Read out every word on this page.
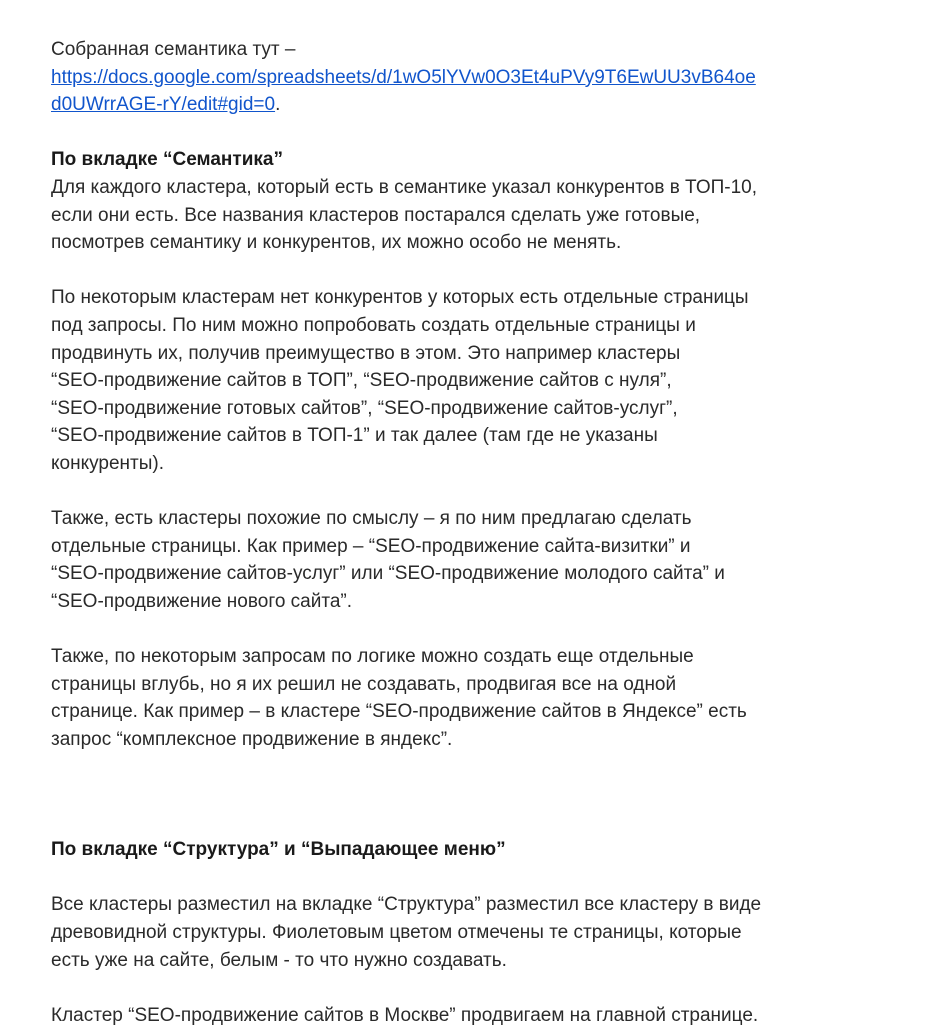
Собранная семантика тут –
https://docs.google.com/spreadsheets/d/1wO5lYVw0O3Et4uPVy9T6EwUU3vB64oe
d0UWrrAGE-rY/edit#gid=0.

По вкладке “Семантика”

Для каждого кластера, который есть в семантике указал конкурентов в ТОП-10,
если они есть. Все названия кластеров постарался сделать уже готовые,
посмотрев семантику и конкурентов, их можно особо не менять.

По некоторым кластерам нет конкурентов у которых есть отдельные страницы
под запросы. По ним можно попробовать создать отдельные страницы и
продвинуть их, получив преимущество в этом. Это например кластеры
“SEO-продвижение сайтов в ТОП”, “SEO-продвижение сайтов с нуля”,
“SEO-продвижение готовых сайтов”, “SEO-продвижение сайтов-услуг”,
“SEO-продвижение сайтов в ТОП-1” и так далее (там где не указаны
конкуренты).

Также, есть кластеры похожие по смыслу – я по ним предлагаю сделать
отдельные страницы. Как пример – “SEO-продвижение сайта-визитки” и
“SEO-продвижение сайтов-услуг” или “SEO-продвижение молодого сайта” и
“SEO-продвижение нового сайта”.

Также, по некоторым запросам по логике можно создать еще отдельные
страницы вглубь, но я их решил не создавать, продвигая все на одной
странице. Как пример – в кластере “SEO-продвижение сайтов в Яндексе” есть
запрос “комплексное продвижение в яндекс”.

По вкладке “Структура” и “Выпадающее меню”

Все кластеры разместил на вкладке “Структура” разместил все кластеру в виде
древовидной структуры. Фиолетовым цветом отмечены те страницы, которые
есть уже на сайте, белым - то что нужно создавать.

Кластер “SEO-продвижение сайтов в Москве” продвигаем на главной странице.
